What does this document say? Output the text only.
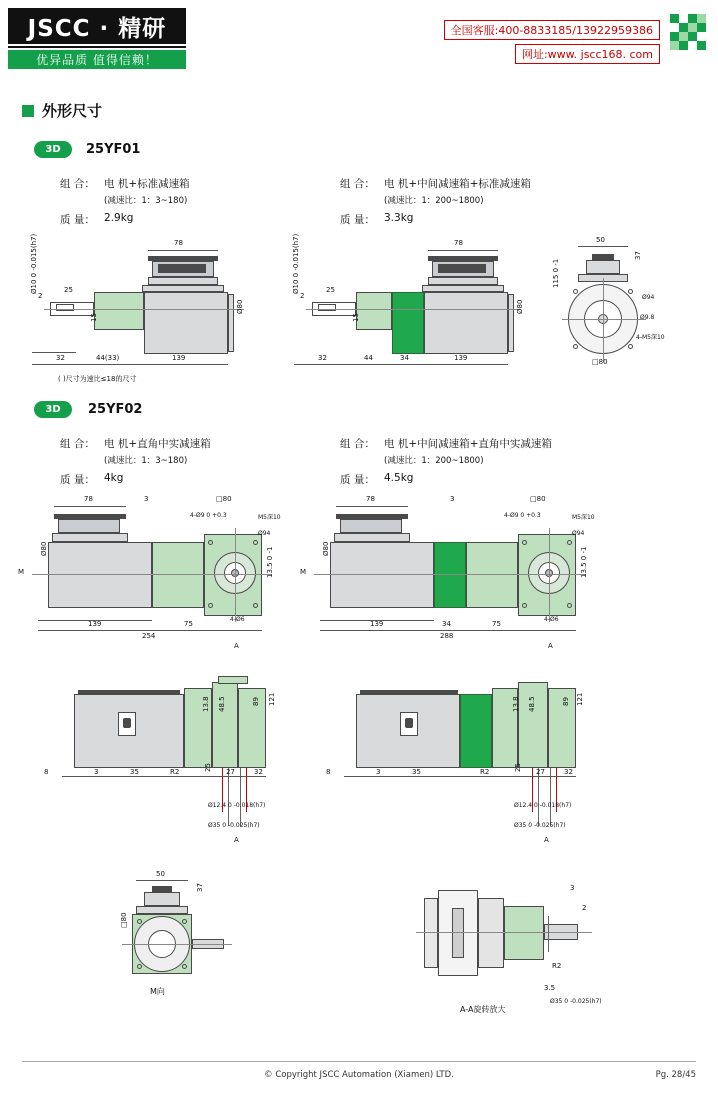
JSCC · 精研
优异品质 值得信赖！
全国客服:400-8833185/13922959386
网址:www. jscc168. com
外形尺寸
3D	25YF01
组 合： 电 机+标准减速箱
(减速比：1：3~180)
质 量： 2.9kg
组 合： 电 机+中间减速箱+标准减速箱
(减速比：1：200~1800)
质 量： 3.3kg
78
32	44(33)	139
25
2
15
Ø10 0 -0.015(h7)
Ø80
( )尺寸为速比≤18的尺寸
78
32	44	34	139
25
2
15
Ø10 0 -0.015(h7)
Ø80
50
37
115 0 -1
Ø94
Ø9.8
4-M5深10
□80
3D	25YF02
组 合： 电 机+直角中实减速箱
(减速比：1：3~180)
质 量： 4kg
组 合： 电 机+中间减速箱+直角中实减速箱
(减速比：1：200~1800)
质 量： 4.5kg
78	3	□80
4-Ø9 0 +0.3	M5深10
Ø94
13.5 0 -1
139	75
254
4-Ø6
M
Ø80
A
78	3	□80
4-Ø9 0 +0.3	M5深10
Ø94
13.5 0 -1
139	34	75
288
4-Ø6
M
Ø80
A
8	3	35	R2	25 27	32
13.8 48.5	89 121
Ø12.4 0 -0.018(h7)
Ø35 0 -0.025(h7)
A
8	3	35	R2	25 27	32
13.8 48.5	89 121
Ø12.4 0 -0.018(h7)
Ø35 0 -0.025(h7)
A
50
37
□80
M向
3
2
R2
3.5
Ø35 0 -0.025(h7)
A-A旋转放大
© Copyright JSCC Automation (Xiamen) LTD.	Pg. 28/45
